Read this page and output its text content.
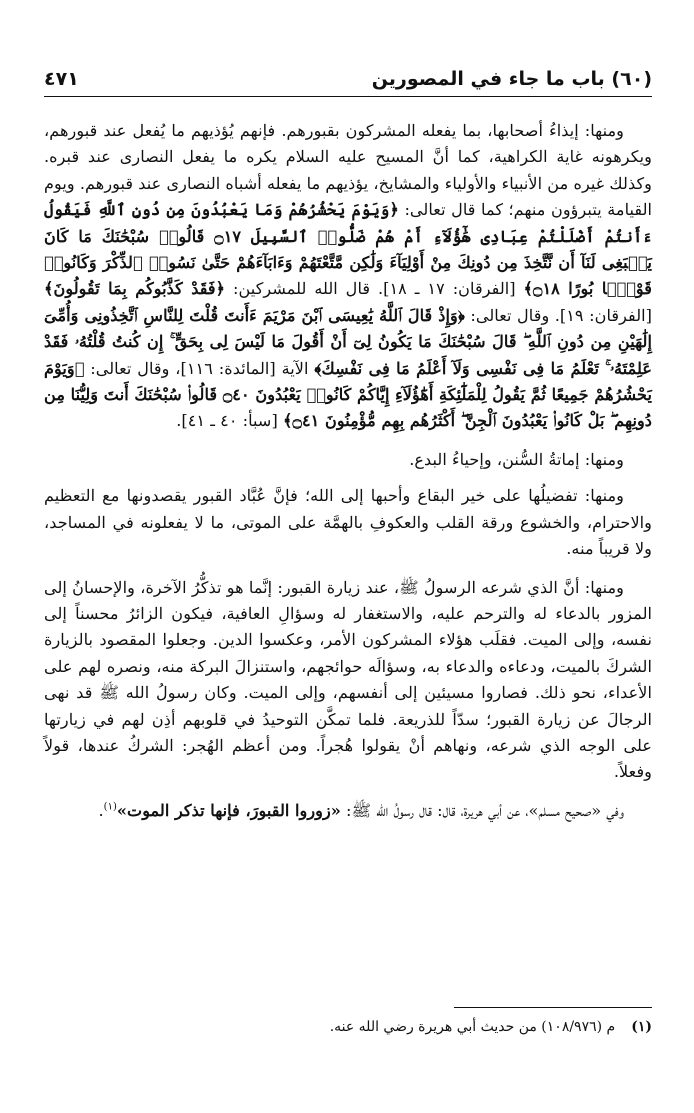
(٦٠) باب ما جاء في المصورين
٤٧١

ومنها: إيذاءُ أصحابها، بما يفعله المشركون بقبورهم. فإنهم يُؤذيهم ما يُفعل عند قبورهم، ويكرهونه غاية الكراهية، كما أنَّ المسيح عليه السلام يكره ما يفعل النصارى عند قبره. وكذلك غيره من الأنبياء والأولياء والمشايخ، يؤذيهم ما يفعله أشباه النصارى عند قبورهم. ويوم القيامة يتبرؤون منهم؛ كما قال تعالى: ﴿وَيَوْمَ يَحْشُرُهُمْ وَمَا يَعْبُدُونَ مِن دُونِ ٱللَّهِ فَيَقُولُ ءَأَنتُمْ أَضْلَلْتُمْ عِبَادِى هَٰٓؤُلَآءِ أَمْ هُمْ ضَلُّوا۟ ٱلسَّبِيلَ ۝١٧ قَالُوا۟ سُبْحَٰنَكَ مَا كَانَ يَنۢبَغِى لَنَآ أَن نَّتَّخِذَ مِن دُونِكَ مِنْ أَوْلِيَآءَ وَلَٰكِن مَّتَّعْتَهُمْ وَءَابَآءَهُمْ حَتَّىٰ نَسُوا۟ ٱلذِّكْرَ وَكَانُوا۟ قَوْمًۢا بُورًا ۝١٨﴾ [الفرقان: ١٧ ـ ١٨]. قال الله للمشركين: ﴿فَقَدْ كَذَّبُوكُم بِمَا تَقُولُونَ﴾ [الفرقان: ١٩]. وقال تعالى: ﴿وَإِذْ قَالَ ٱللَّهُ يَٰعِيسَى ٱبْنَ مَرْيَمَ ءَأَنتَ قُلْتَ لِلنَّاسِ ٱتَّخِذُونِى وَأُمِّىَ إِلَٰهَيْنِ مِن دُونِ ٱللَّهِ ۖ قَالَ سُبْحَٰنَكَ مَا يَكُونُ لِىٓ أَنْ أَقُولَ مَا لَيْسَ لِى بِحَقٍّ ۚ إِن كُنتُ قُلْتُهُۥ فَقَدْ عَلِمْتَهُۥ ۚ تَعْلَمُ مَا فِى نَفْسِى وَلَآ أَعْلَمُ مَا فِى نَفْسِكَ﴾ الآية [المائدة: ١١٦]، وقال تعالى: ﴿وَيَوْمَ يَحْشُرُهُمْ جَمِيعًا ثُمَّ يَقُولُ لِلْمَلَٰٓئِكَةِ أَهَٰٓؤُلَآءِ إِيَّاكُمْ كَانُوا۟ يَعْبُدُونَ ۝٤٠ قَالُوا۟ سُبْحَٰنَكَ أَنتَ وَلِيُّنَا مِن دُونِهِم ۖ بَلْ كَانُوا۟ يَعْبُدُونَ ٱلْجِنَّ ۖ أَكْثَرُهُم بِهِم مُّؤْمِنُونَ ۝٤١﴾ [سبأ: ٤٠ ـ ٤١].

ومنها: إماتةُ السُّنن، وإحياءُ البدع.

ومنها: تفضيلُها على خير البقاع وأحبها إلى الله؛ فإنَّ عُبَّاد القبور يقصدونها مع التعظيم والاحترام، والخشوع ورقة القلب والعكوفِ بالهمَّة على الموتى، ما لا يفعلونه في المساجد، ولا قريباً منه.

ومنها: أنَّ الذي شرعه الرسولُ ﷺ، عند زيارة القبور: إنَّما هو تذكُّرُ الآخرة، والإحسانُ إلى المزور بالدعاء له والترحم عليه، والاستغفار له وسؤالِ العافية، فيكون الزائرُ محسناً إلى نفسه، وإلى الميت. فقلَب هؤلاء المشركون الأمر، وعكسوا الدين. وجعلوا المقصود بالزيارة الشركَ بالميت، ودعاءه والدعاء به، وسؤالَه حوائجهم، واستنزالَ البركة منه، ونصره لهم على الأعداء، نحو ذلك. فصاروا مسيئين إلى أنفسهم، وإلى الميت. وكان رسولُ الله ﷺ قد نهى الرجالَ عن زيارة القبور؛ سدّاً للذريعة. فلما تمكَّن التوحيدُ في قلوبهم أذِن لهم في زيارتها على الوجه الذي شرعه، ونهاهم أنْ يقولوا هُجراً. ومن أعظم الهُجر: الشركُ عندها، قولاً وفعلاً.

وفي «صحيح مسلم»، عن أبي هريرة، قال: قال رسولُ الله ﷺ: «زوروا القبورَ، فإنها تذكر الموت»$^{(١)}$.

(١)
م (١٠٨/٩٧٦) من حديث أبي هريرة رضي الله عنه.
